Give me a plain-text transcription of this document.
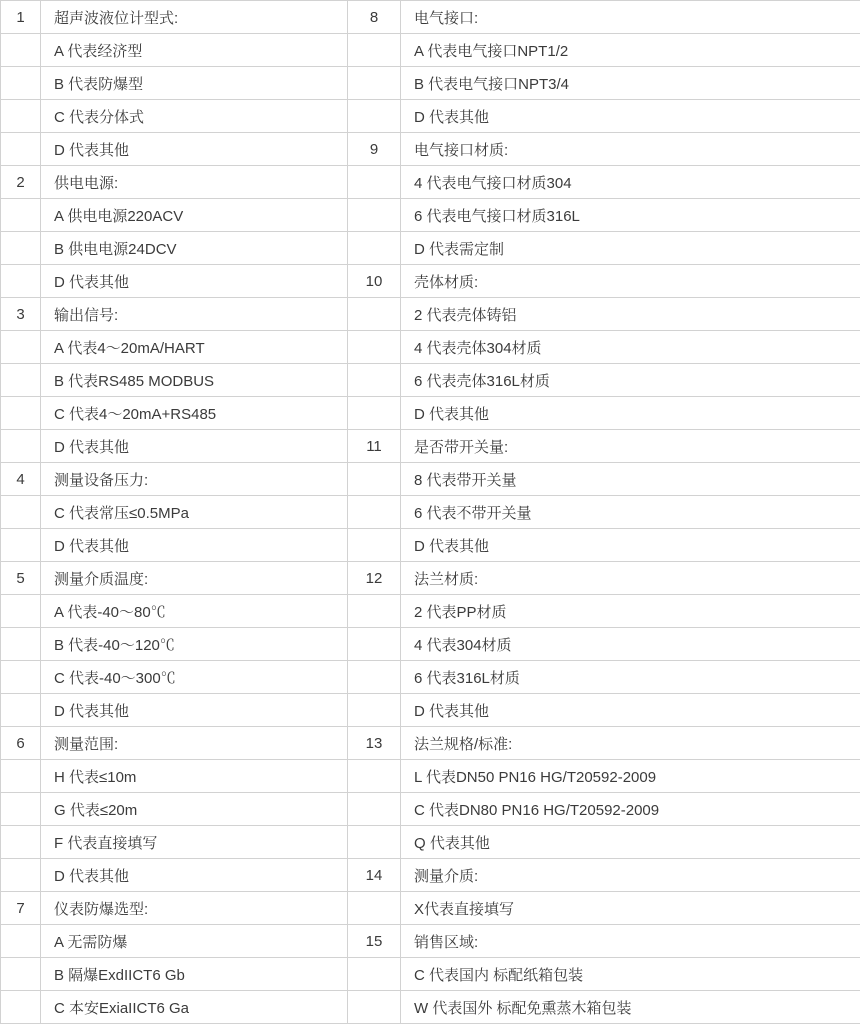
1	超声波液位计型式:	8	电气接口:
	A 代表经济型		A 代表电气接口NPT1/2
	B 代表防爆型		B 代表电气接口NPT3/4
	C 代表分体式		D 代表其他
	D 代表其他	9	电气接口材质:
2	供电电源:		4 代表电气接口材质304
	A 供电电源220ACV		6 代表电气接口材质316L
	B 供电电源24DCV		D 代表需定制
	D 代表其他	10	壳体材质:
3	输出信号:		2 代表壳体铸铝
	A 代表4～20mA/HART		4 代表壳体304材质
	B 代表RS485 MODBUS		6 代表壳体316L材质
	C 代表4～20mA+RS485		D 代表其他
	D 代表其他	11	是否带开关量:
4	测量设备压力:		8 代表带开关量
	C 代表常压≤0.5MPa		6 代表不带开关量
	D 代表其他		D 代表其他
5	测量介质温度:	12	法兰材质:
	A 代表-40～80℃		2 代表PP材质
	B 代表-40～120℃		4 代表304材质
	C 代表-40～300℃		6 代表316L材质
	D 代表其他		D 代表其他
6	测量范围:	13	法兰规格/标准:
	H 代表≤10m		L 代表DN50 PN16 HG/T20592-2009
	G 代表≤20m		C 代表DN80 PN16 HG/T20592-2009
	F 代表直接填写		Q 代表其他
	D 代表其他	14	测量介质:
7	仪表防爆选型:		X代表直接填写
	A 无需防爆	15	销售区域:
	B 隔爆ExdIICT6 Gb		C 代表国内 标配纸箱包装
	C 本安ExiaIICT6 Ga		W 代表国外 标配免熏蒸木箱包装
